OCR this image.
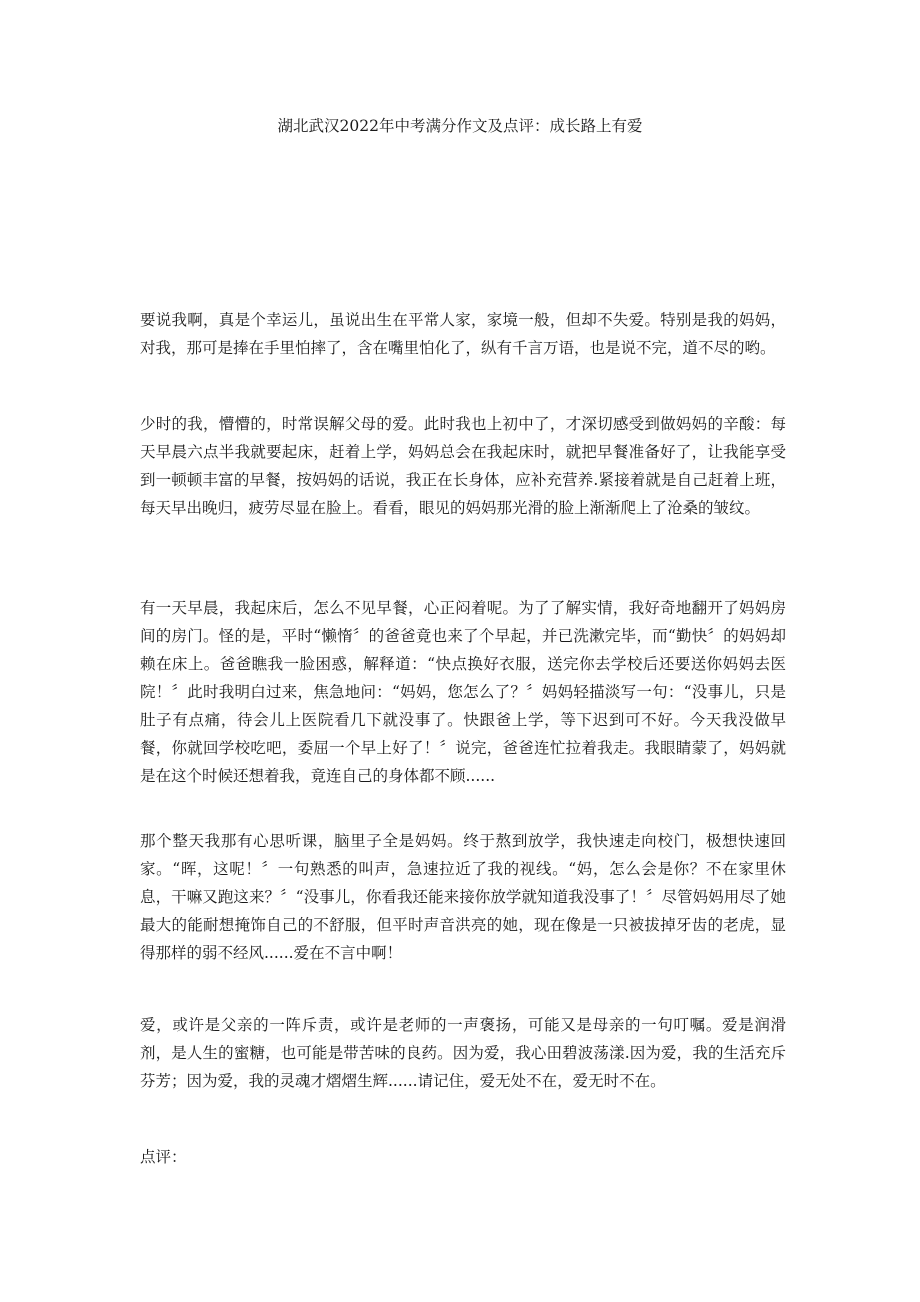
湖北武汉2022年中考满分作文及点评：成长路上有爱

要说我啊，真是个幸运儿，虽说出生在平常人家，家境一般，但却不失爱。特别是我的妈妈，对我，那可是捧在手里怕摔了，含在嘴里怕化了，纵有千言万语，也是说不完，道不尽的哟。

少时的我，懵懵的，时常误解父母的爱。此时我也上初中了，才深切感受到做妈妈的辛酸：每天早晨六点半我就要起床，赶着上学，妈妈总会在我起床时，就把早餐准备好了，让我能享受到一顿顿丰富的早餐，按妈妈的话说，我正在长身体，应补充营养.紧接着就是自己赶着上班，每天早出晚归，疲劳尽显在脸上。看看，眼见的妈妈那光滑的脸上渐渐爬上了沧桑的皱纹。

有一天早晨，我起床后，怎么不见早餐，心正闷着呢。为了了解实情，我好奇地翻开了妈妈房间的房门。怪的是，平时“懒惰〞的爸爸竟也来了个早起，并已洗漱完毕，而“勤快〞的妈妈却赖在床上。爸爸瞧我一脸困惑，解释道：“快点换好衣服，送完你去学校后还要送你妈妈去医院！〞此时我明白过来，焦急地问：“妈妈，您怎么了？〞妈妈轻描淡写一句：“没事儿，只是肚子有点痛，待会儿上医院看几下就没事了。快跟爸上学，等下迟到可不好。今天我没做早餐，你就回学校吃吧，委屈一个早上好了！〞说完，爸爸连忙拉着我走。我眼睛蒙了，妈妈就是在这个时候还想着我，竟连自己的身体都不顾......

那个整天我那有心思听课，脑里子全是妈妈。终于熬到放学，我快速走向校门，极想快速回家。“晖，这呢！〞一句熟悉的叫声，急速拉近了我的视线。“妈，怎么会是你？不在家里休息，干嘛又跑这来？〞“没事儿，你看我还能来接你放学就知道我没事了！〞尽管妈妈用尽了她最大的能耐想掩饰自己的不舒服，但平时声音洪亮的她，现在像是一只被拔掉牙齿的老虎，显得那样的弱不经风......爱在不言中啊！

爱，或许是父亲的一阵斥责，或许是老师的一声褒扬，可能又是母亲的一句叮嘱。爱是润滑剂，是人生的蜜糖，也可能是带苦味的良药。因为爱，我心田碧波荡漾.因为爱，我的生活充斥芬芳；因为爱，我的灵魂才熠熠生辉......请记住，爱无处不在，爱无时不在。

点评：
